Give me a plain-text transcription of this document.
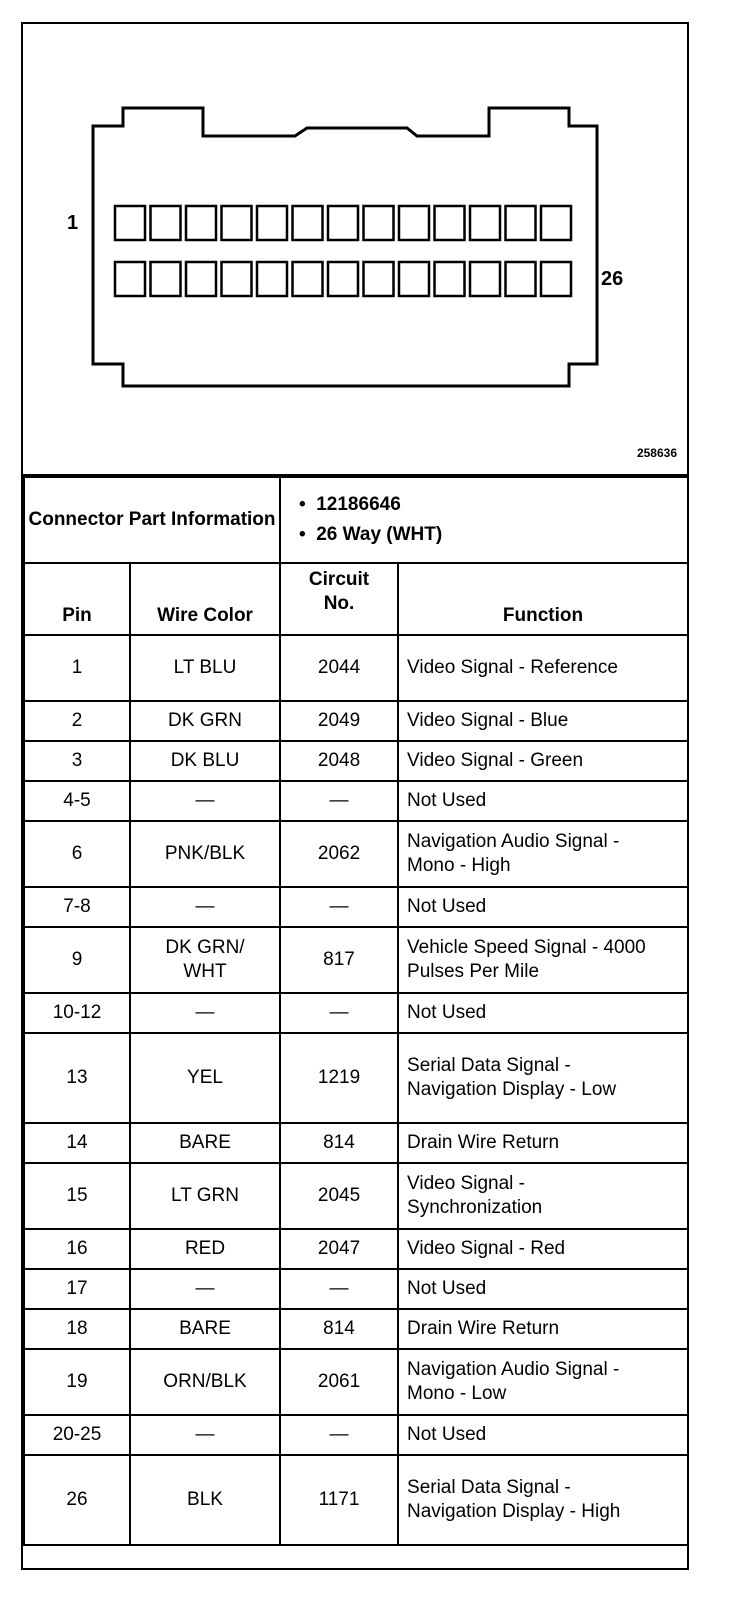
1
26
258636
Connector Part Information		•  12186646
•  26 Way (WHT)	

Pin	Wire Color	Circuit No.	Function
1	LT BLU	2044	Video Signal - Reference
2	DK GRN	2049	Video Signal - Blue
3	DK BLU	2048	Video Signal - Green
4-5	—	—	Not Used
6	PNK/BLK	2062	Navigation Audio Signal - Mono - High
7-8	—	—	Not Used
9	DK GRN/ WHT	817	Vehicle Speed Signal - 4000 Pulses Per Mile
10-12	—	—	Not Used
13	YEL	1219	Serial Data Signal - Navigation Display - Low
14	BARE	814	Drain Wire Return
15	LT GRN	2045	Video Signal - Synchronization
16	RED	2047	Video Signal - Red
17	—	—	Not Used
18	BARE	814	Drain Wire Return
19	ORN/BLK	2061	Navigation Audio Signal - Mono - Low
20-25	—	—	Not Used
26	BLK	1171	Serial Data Signal - Navigation Display - High
